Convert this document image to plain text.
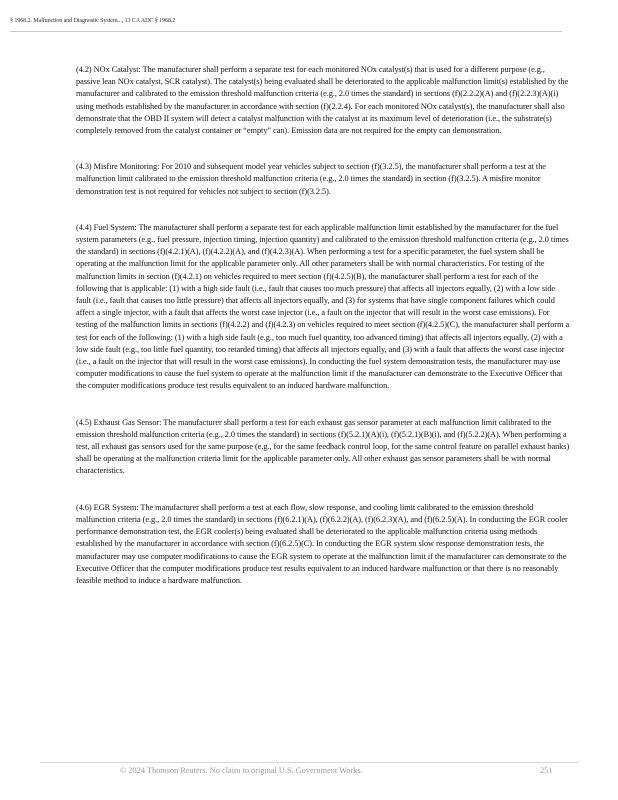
§ 1968.2. Malfunction and Diagnostic System..., 13 CA ADC § 1968.2

(4.2) NOx Catalyst: The manufacturer shall perform a separate test for each monitored NOx catalyst(s) that is used for a different purpose (e.g., passive lean NOx catalyst, SCR catalyst). The catalyst(s) being evaluated shall be deteriorated to the applicable malfunction limit(s) established by the manufacturer and calibrated to the emission threshold malfunction criteria (e.g., 2.0 times the standard) in sections (f)(2.2.2)(A) and (f)(2.2.3)(A)(i) using methods established by the manufacturer in accordance with section (f)(2.2.4). For each monitored NOx catalyst(s), the manufacturer shall also demonstrate that the OBD II system will detect a catalyst malfunction with the catalyst at its maximum level of deterioration (i.e., the substrate(s) completely removed from the catalyst container or “empty” can). Emission data are not required for the empty can demonstration.

(4.3) Misfire Monitoring: For 2010 and subsequent model year vehicles subject to section (f)(3.2.5), the manufacturer shall perform a test at the malfunction limit calibrated to the emission threshold malfunction criteria (e.g., 2.0 times the standard) in section (f)(3.2.5). A misfire monitor demonstration test is not required for vehicles not subject to section (f)(3.2.5).

(4.4) Fuel System: The manufacturer shall perform a separate test for each applicable malfunction limit established by the manufacturer for the fuel system parameters (e.g., fuel pressure, injection timing, injection quantity) and calibrated to the emission threshold malfunction criteria (e.g., 2.0 times the standard) in sections (f)(4.2.1)(A), (f)(4.2.2)(A), and (f)(4.2.3)(A). When performing a test for a specific parameter, the fuel system shall be operating at the malfunction limit for the applicable parameter only. All other parameters shall be with normal characteristics. For testing of the malfunction limits in section (f)(4.2.1) on vehicles required to meet section (f)(4.2.5)(B), the manufacturer shall perform a test for each of the following that is applicable: (1) with a high side fault (i.e., fault that causes too much pressure) that affects all injectors equally, (2) with a low side fault (i.e., fault that causes too little pressure) that affects all injectors equally, and (3) for systems that have single component failures which could affect a single injector, with a fault that affects the worst case injector (i.e., a fault on the injector that will result in the worst case emissions). For testing of the malfunction limits in sections (f)(4.2.2) and (f)(4.2.3) on vehicles required to meet section (f)(4.2.5)(C), the manufacturer shall perform a test for each of the following: (1) with a high side fault (e.g., too much fuel quantity, too advanced timing) that affects all injectors equally, (2) with a low side fault (e.g., too little fuel quantity, too retarded timing) that affects all injectors equally, and (3) with a fault that affects the worst case injector (i.e., a fault on the injector that will result in the worst case emissions). In conducting the fuel system demonstration tests, the manufacturer may use computer modifications to cause the fuel system to operate at the malfunction limit if the manufacturer can demonstrate to the Executive Officer that the computer modifications produce test results equivalent to an induced hardware malfunction.

(4.5) Exhaust Gas Sensor: The manufacturer shall perform a test for each exhaust gas sensor parameter at each malfunction limit calibrated to the emission threshold malfunction criteria (e.g., 2.0 times the standard) in sections (f)(5.2.1)(A)(i), (f)(5.2.1)(B)(i), and (f)(5.2.2)(A). When performing a test, all exhaust gas sensors used for the same purpose (e.g., for the same feedback control loop, for the same control feature on parallel exhaust banks) shall be operating at the malfunction criteria limit for the applicable parameter only. All other exhaust gas sensor parameters shall be with normal characteristics.

(4.6) EGR System: The manufacturer shall perform a test at each flow, slow response, and cooling limit calibrated to the emission threshold malfunction criteria (e.g., 2.0 times the standard) in sections (f)(6.2.1)(A), (f)(6.2.2)(A), (f)(6.2.3)(A), and (f)(6.2.5)(A). In conducting the EGR cooler performance demonstration test, the EGR cooler(s) being evaluated shall be deteriorated to the applicable malfunction criteria using methods established by the manufacturer in accordance with section (f)(6.2.5)(C). In conducting the EGR system slow response demonstration tests, the manufacturer may use computer modifications to cause the EGR system to operate at the malfunction limit if the manufacturer can demonstrate to the Executive Officer that the computer modifications produce test results equivalent to an induced hardware malfunction or that there is no reasonably feasible method to induce a hardware malfunction.

© 2024 Thomson Reuters. No claim to original U.S. Government Works.	251
